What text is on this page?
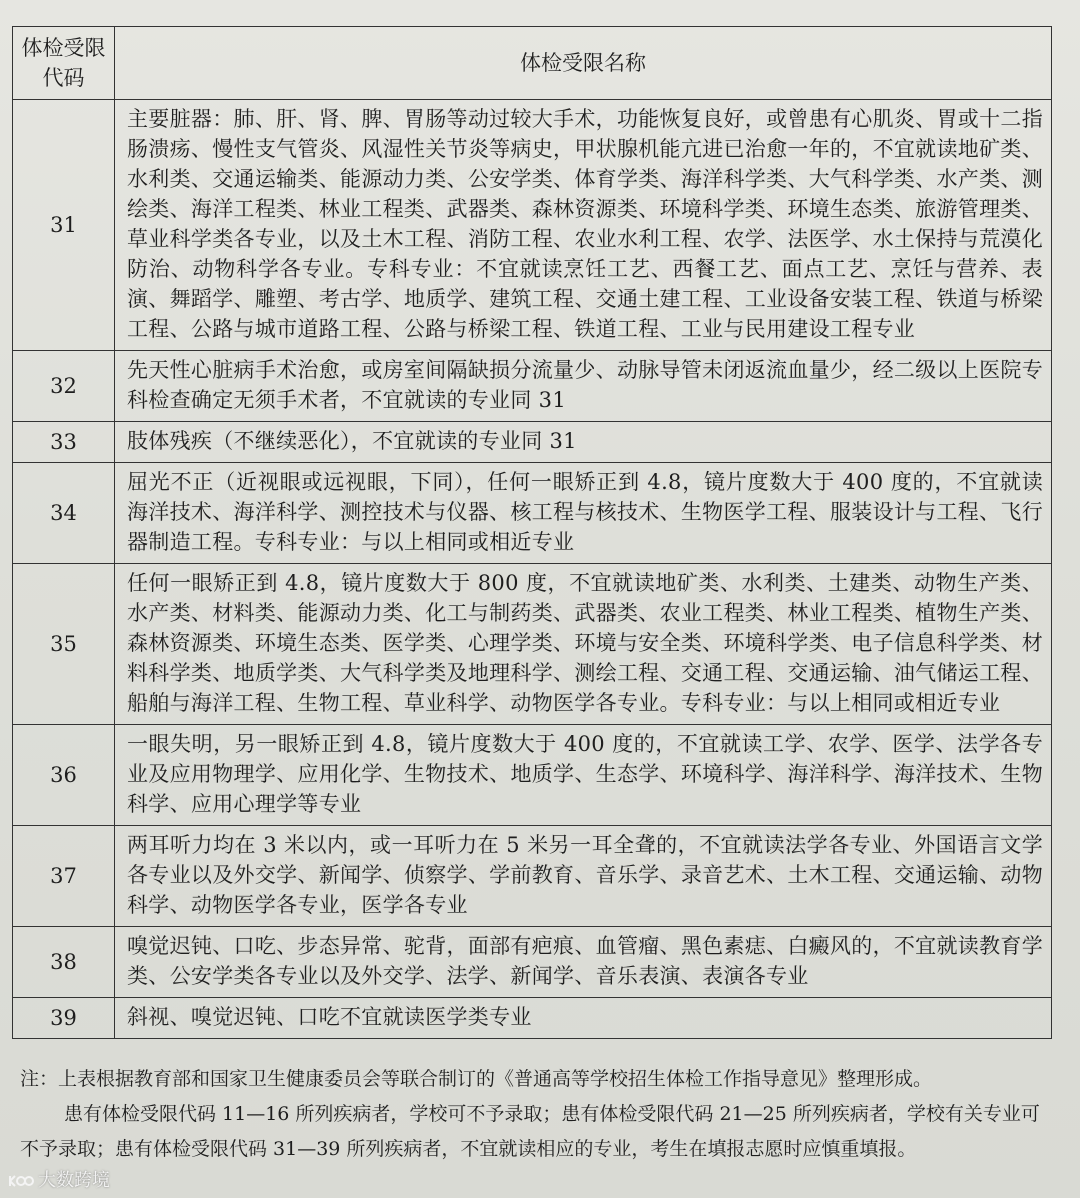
体检受限代码	体检受限名称
31	主要脏器：肺、肝、肾、脾、胃肠等动过较大手术，功能恢复良好，或曾患有心肌炎、胃或十二指肠溃疡、慢性支气管炎、风湿性关节炎等病史，甲状腺机能亢进已治愈一年的，不宜就读地矿类、水利类、交通运输类、能源动力类、公安学类、体育学类、海洋科学类、大气科学类、水产类、测绘类、海洋工程类、林业工程类、武器类、森林资源类、环境科学类、环境生态类、旅游管理类、草业科学类各专业，以及土木工程、消防工程、农业水利工程、农学、法医学、水土保持与荒漠化防治、动物科学各专业。专科专业：不宜就读烹饪工艺、西餐工艺、面点工艺、烹饪与营养、表演、舞蹈学、雕塑、考古学、地质学、建筑工程、交通土建工程、工业设备安装工程、铁道与桥梁工程、公路与城市道路工程、公路与桥梁工程、铁道工程、工业与民用建设工程专业
32	先天性心脏病手术治愈，或房室间隔缺损分流量少、动脉导管未闭返流血量少，经二级以上医院专科检查确定无须手术者，不宜就读的专业同 31
33	肢体残疾（不继续恶化），不宜就读的专业同 31
34	屈光不正（近视眼或远视眼，下同），任何一眼矫正到 4.8，镜片度数大于 400 度的，不宜就读海洋技术、海洋科学、测控技术与仪器、核工程与核技术、生物医学工程、服装设计与工程、飞行器制造工程。专科专业：与以上相同或相近专业
35	任何一眼矫正到 4.8，镜片度数大于 800 度，不宜就读地矿类、水利类、土建类、动物生产类、水产类、材料类、能源动力类、化工与制药类、武器类、农业工程类、林业工程类、植物生产类、森林资源类、环境生态类、医学类、心理学类、环境与安全类、环境科学类、电子信息科学类、材料科学类、地质学类、大气科学类及地理科学、测绘工程、交通工程、交通运输、油气储运工程、船舶与海洋工程、生物工程、草业科学、动物医学各专业。专科专业：与以上相同或相近专业
36	一眼失明，另一眼矫正到 4.8，镜片度数大于 400 度的，不宜就读工学、农学、医学、法学各专业及应用物理学、应用化学、生物技术、地质学、生态学、环境科学、海洋科学、海洋技术、生物科学、应用心理学等专业
37	两耳听力均在 3 米以内，或一耳听力在 5 米另一耳全聋的，不宜就读法学各专业、外国语言文学各专业以及外交学、新闻学、侦察学、学前教育、音乐学、录音艺术、土木工程、交通运输、动物科学、动物医学各专业，医学各专业
38	嗅觉迟钝、口吃、步态异常、驼背，面部有疤痕、血管瘤、黑色素痣、白癜风的，不宜就读教育学类、公安学类各专业以及外交学、法学、新闻学、音乐表演、表演各专业
39	斜视、嗅觉迟钝、口吃不宜就读医学类专业

注：上表根据教育部和国家卫生健康委员会等联合制订的《普通高等学校招生体检工作指导意见》整理形成。

患有体检受限代码 11—16 所列疾病者，学校可不予录取；患有体检受限代码 21—25 所列疾病者，学校有关专业可不予录取；患有体检受限代码 31—39 所列疾病者，不宜就读相应的专业，考生在填报志愿时应慎重填报。

大数跨境
